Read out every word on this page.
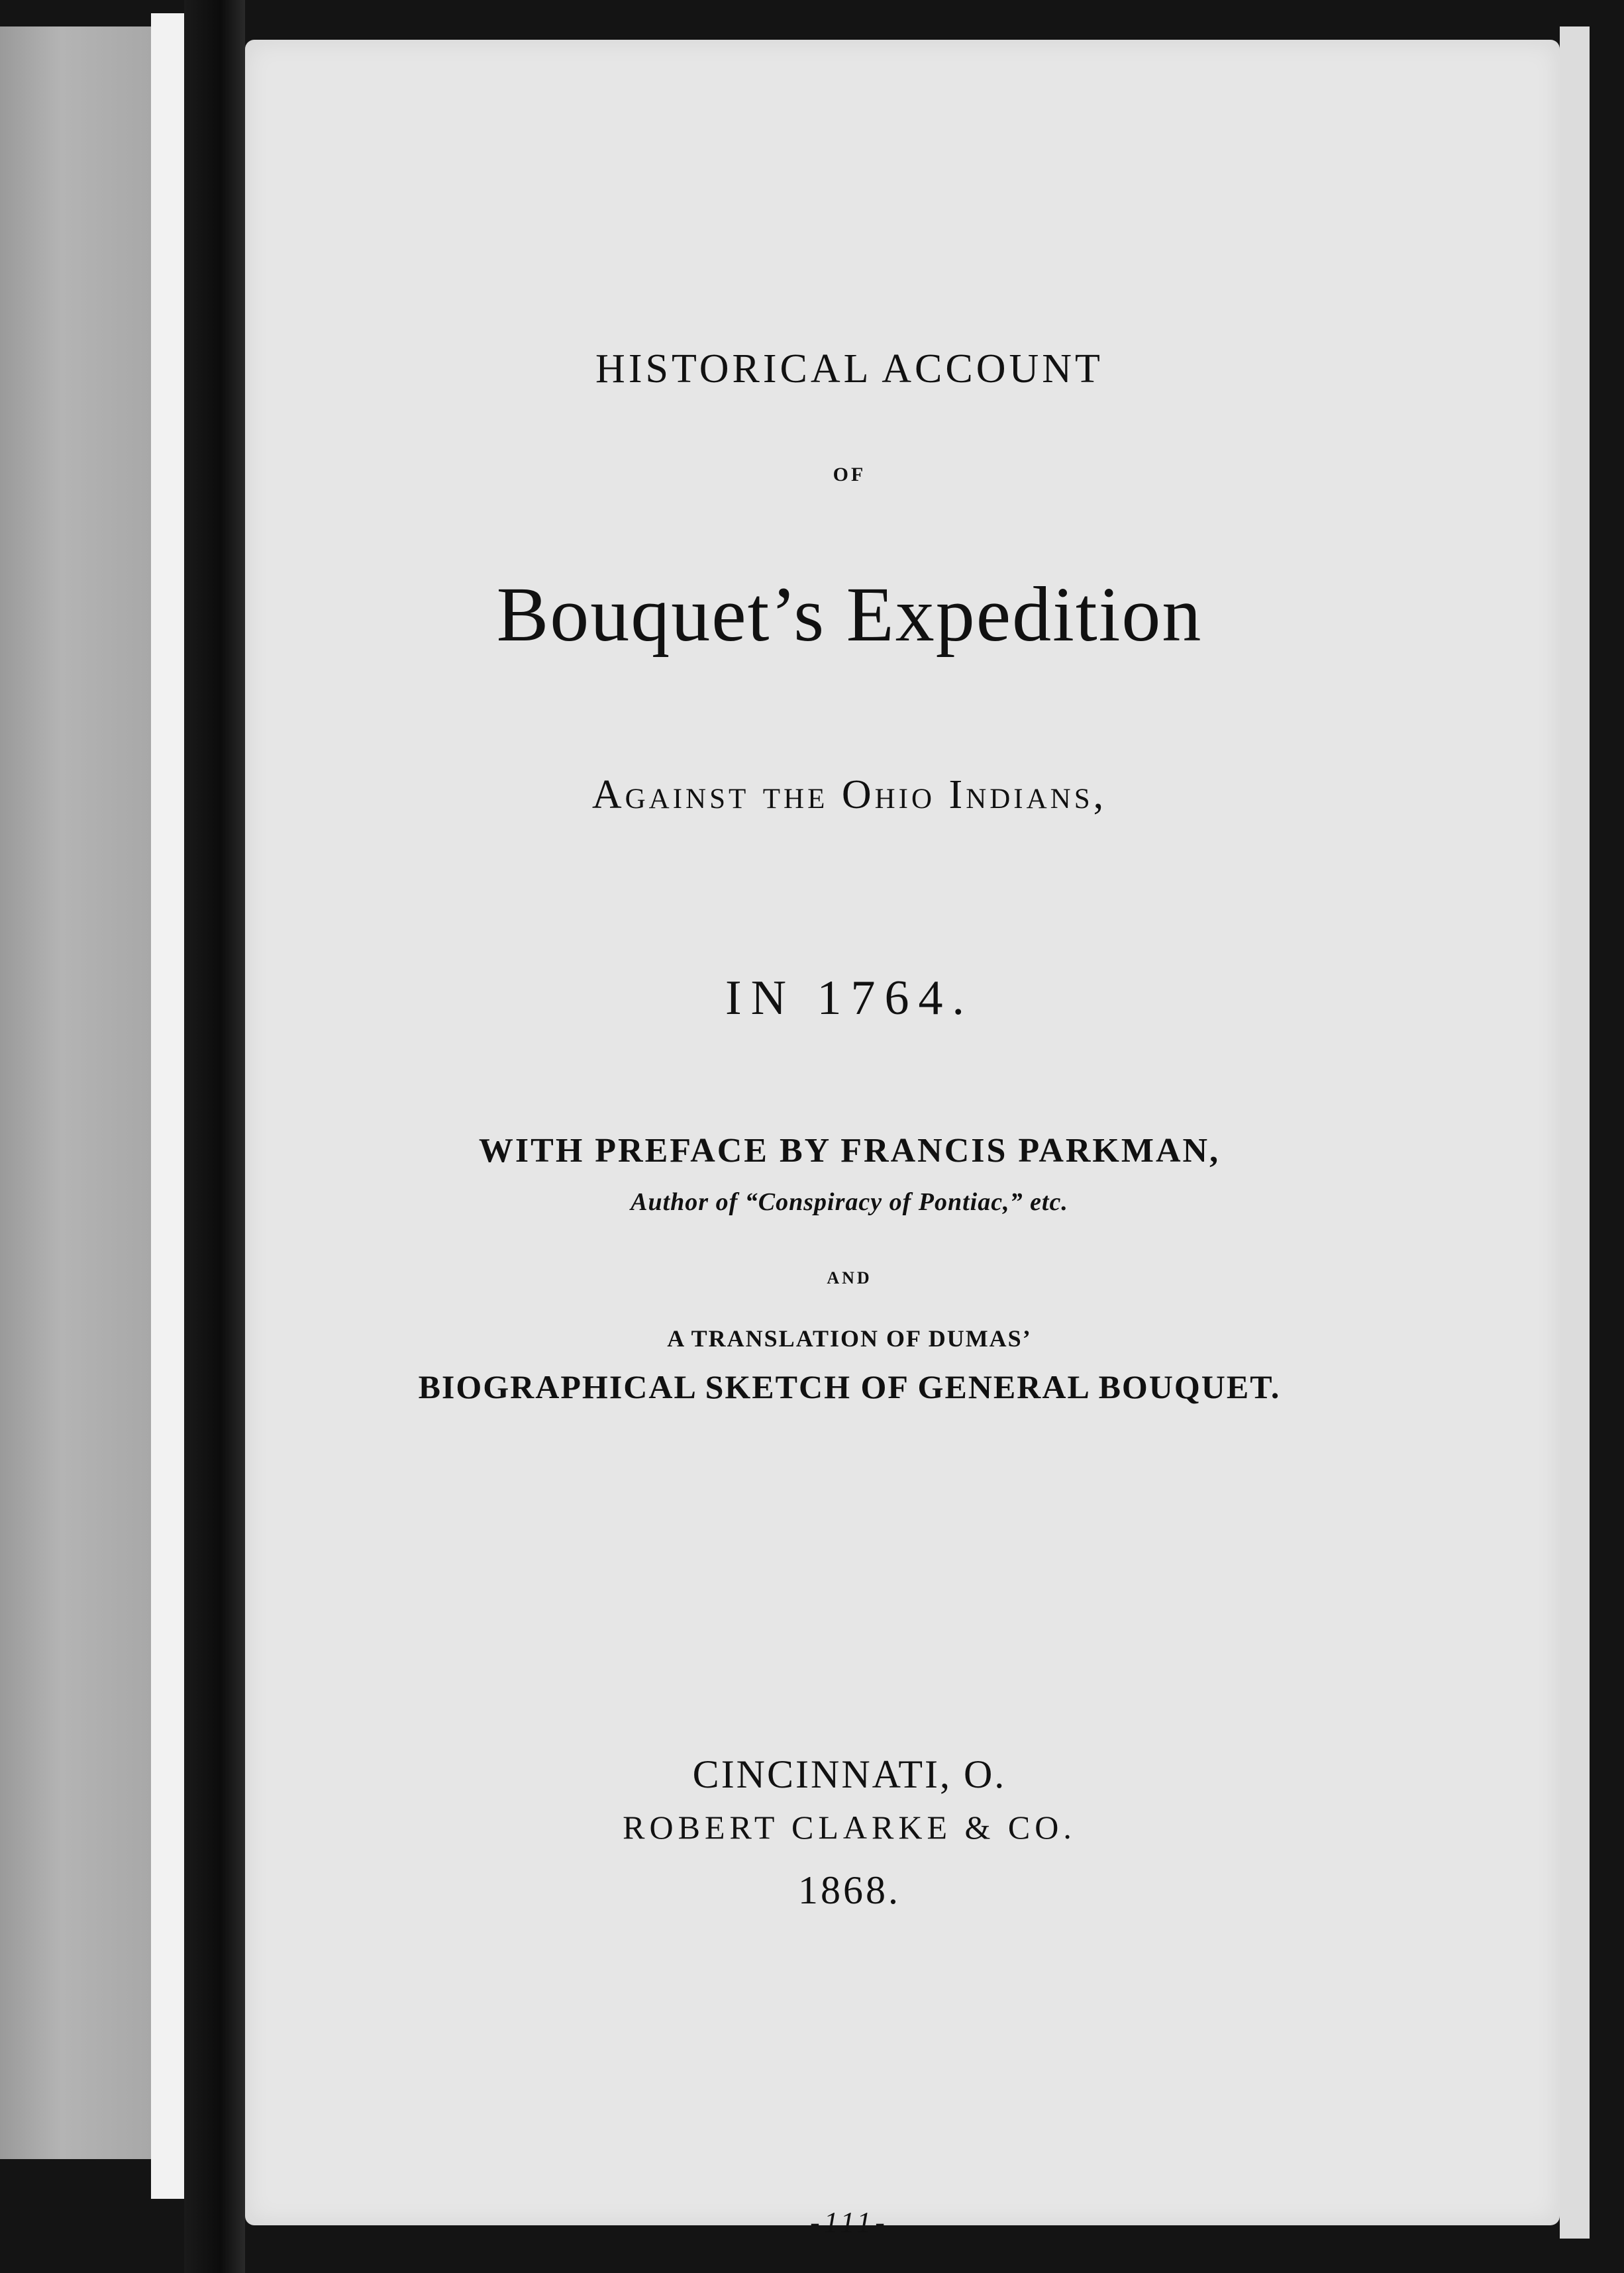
HISTORICAL ACCOUNT
OF
Bouquet’s Expedition
Against the Ohio Indians,
IN 1764.
WITH PREFACE BY FRANCIS PARKMAN,
Author of “Conspiracy of Pontiac,” etc.
AND
A TRANSLATION OF DUMAS’
BIOGRAPHICAL SKETCH OF GENERAL BOUQUET.
CINCINNATI, O.
ROBERT CLARKE & CO.
1868.
-111-
